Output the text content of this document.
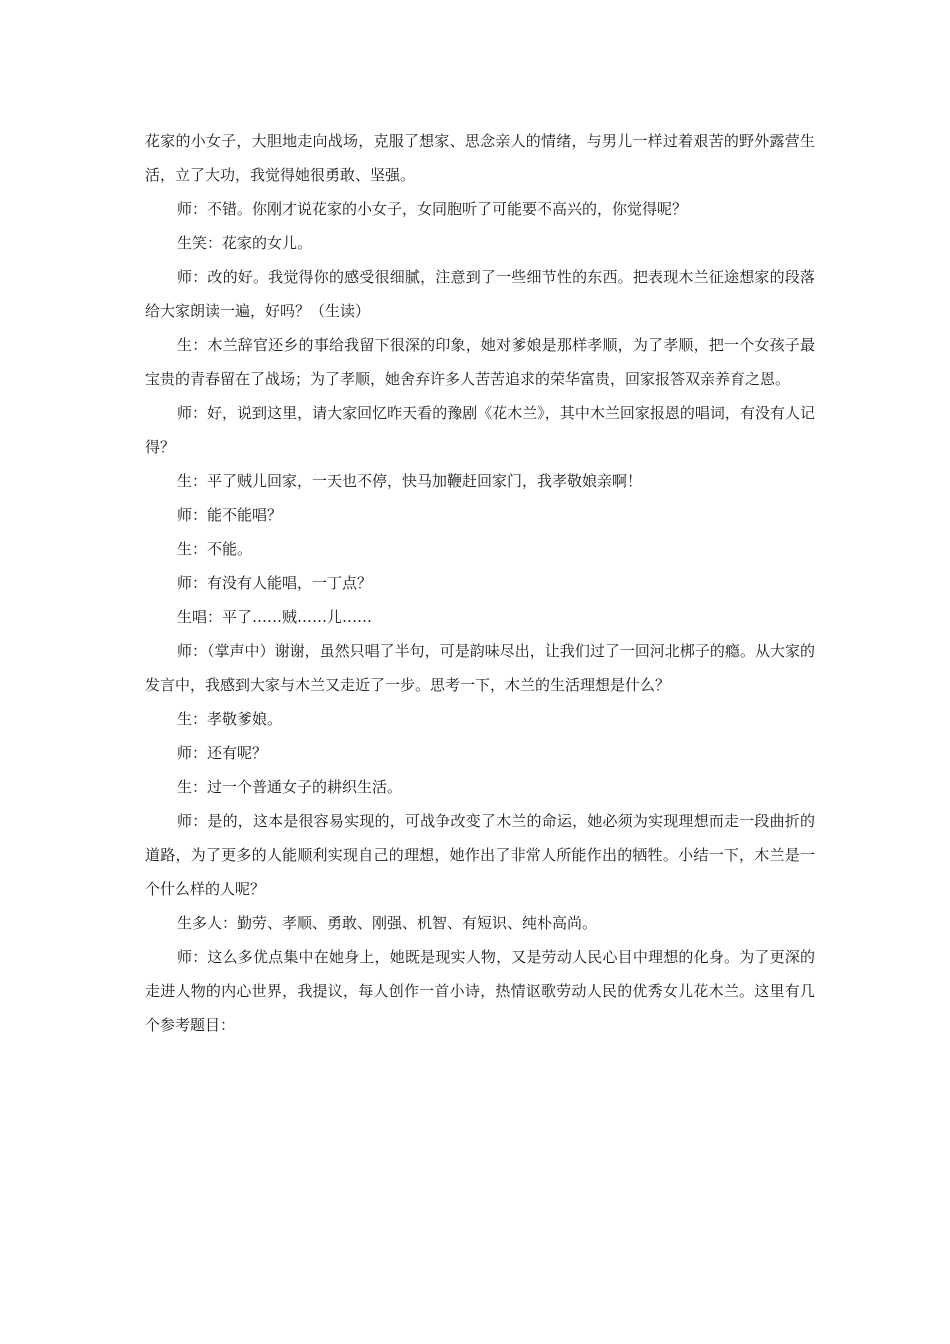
花家的小女子，大胆地走向战场，克服了想家、思念亲人的情绪，与男儿一样过着艰苦的野外露营生活，立了大功，我觉得她很勇敢、坚强。

师：不错。你刚才说花家的小女子，女同胞听了可能要不高兴的，你觉得呢？

生笑：花家的女儿。

师：改的好。我觉得你的感受很细腻，注意到了一些细节性的东西。把表现木兰征途想家的段落给大家朗读一遍，好吗？（生读）

生：木兰辞官还乡的事给我留下很深的印象，她对爹娘是那样孝顺，为了孝顺，把一个女孩子最宝贵的青春留在了战场；为了孝顺，她舍弃许多人苦苦追求的荣华富贵，回家报答双亲养育之恩。

师：好，说到这里，请大家回忆昨天看的豫剧《花木兰》，其中木兰回家报恩的唱词，有没有人记得？

生：平了贼儿回家，一天也不停，快马加鞭赶回家门，我孝敬娘亲啊！

师：能不能唱？

生：不能。

师：有没有人能唱，一丁点？

生唱：平了……贼……儿……

师：（掌声中）谢谢，虽然只唱了半句，可是韵味尽出，让我们过了一回河北梆子的瘾。从大家的发言中，我感到大家与木兰又走近了一步。思考一下，木兰的生活理想是什么？

生：孝敬爹娘。

师：还有呢？

生：过一个普通女子的耕织生活。

师：是的，这本是很容易实现的，可战争改变了木兰的命运，她必须为实现理想而走一段曲折的道路，为了更多的人能顺利实现自己的理想，她作出了非常人所能作出的牺牲。小结一下，木兰是一个什么样的人呢？

生多人：勤劳、孝顺、勇敢、刚强、机智、有短识、纯朴高尚。

师：这么多优点集中在她身上，她既是现实人物，又是劳动人民心目中理想的化身。为了更深的走进人物的内心世界，我提议，每人创作一首小诗，热情讴歌劳动人民的优秀女儿花木兰。这里有几个参考题目：
